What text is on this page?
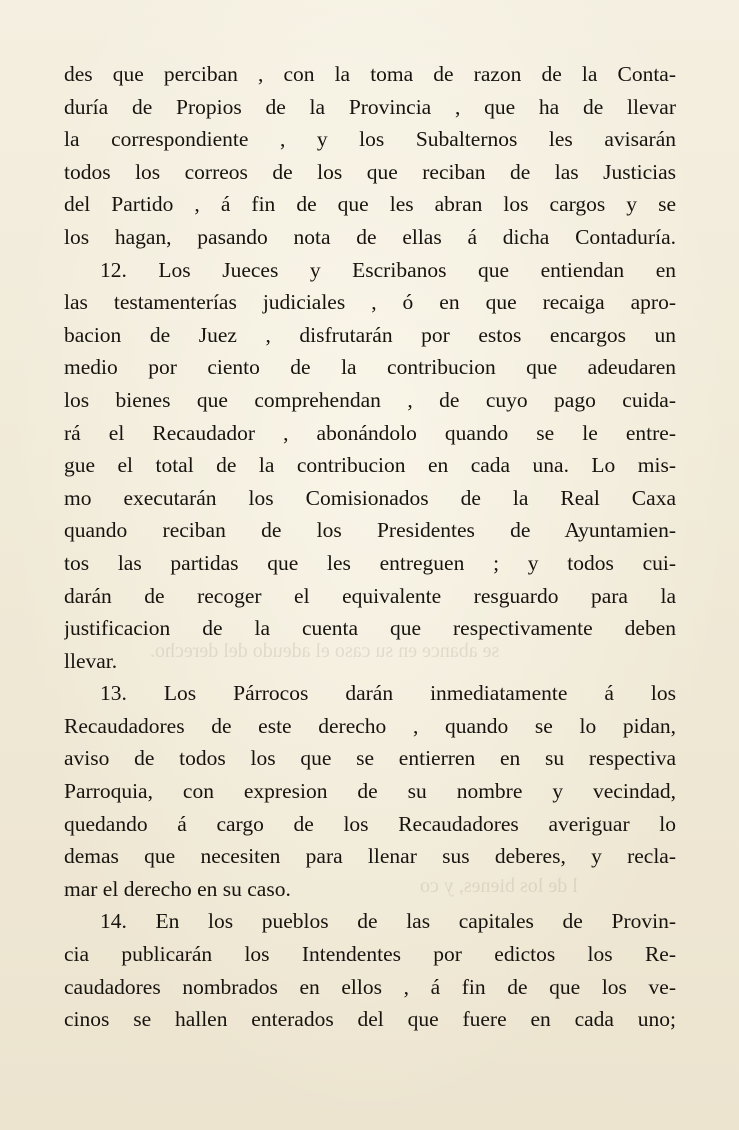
se abance en su caso el adeudo del derecho.
l de los bienes, y co
des que perciban , con la toma de razon de la Conta-
duría de Propios de la Provincia , que ha de llevar
la correspondiente , y los Subalternos les avisarán
todos los correos de los que reciban de las Justicias
del Partido , á fin de que les abran los cargos y se
los hagan, pasando nota de ellas á dicha Contaduría.
12. Los Jueces y Escribanos que entiendan en
las testamenterías judiciales , ó en que recaiga apro-
bacion de Juez , disfrutarán por estos encargos un
medio por ciento de la contribucion que adeudaren
los bienes que comprehendan , de cuyo pago cuida-
rá el Recaudador , abonándolo quando se le entre-
gue el total de la contribucion en cada una. Lo mis-
mo executarán los Comisionados de la Real Caxa
quando reciban de los Presidentes de Ayuntamien-
tos las partidas que les entreguen ; y todos cui-
darán de recoger el equivalente resguardo para la
justificacion de la cuenta que respectivamente deben
llevar.
13. Los Párrocos darán inmediatamente á los
Recaudadores de este derecho , quando se lo pidan,
aviso de todos los que se entierren en su respectiva
Parroquia, con expresion de su nombre y vecindad,
quedando á cargo de los Recaudadores averiguar lo
demas que necesiten para llenar sus deberes, y recla-
mar el derecho en su caso.
14. En los pueblos de las capitales de Provin-
cia publicarán los Intendentes por edictos los Re-
caudadores nombrados en ellos , á fin de que los ve-
cinos se hallen enterados del que fuere en cada uno;
